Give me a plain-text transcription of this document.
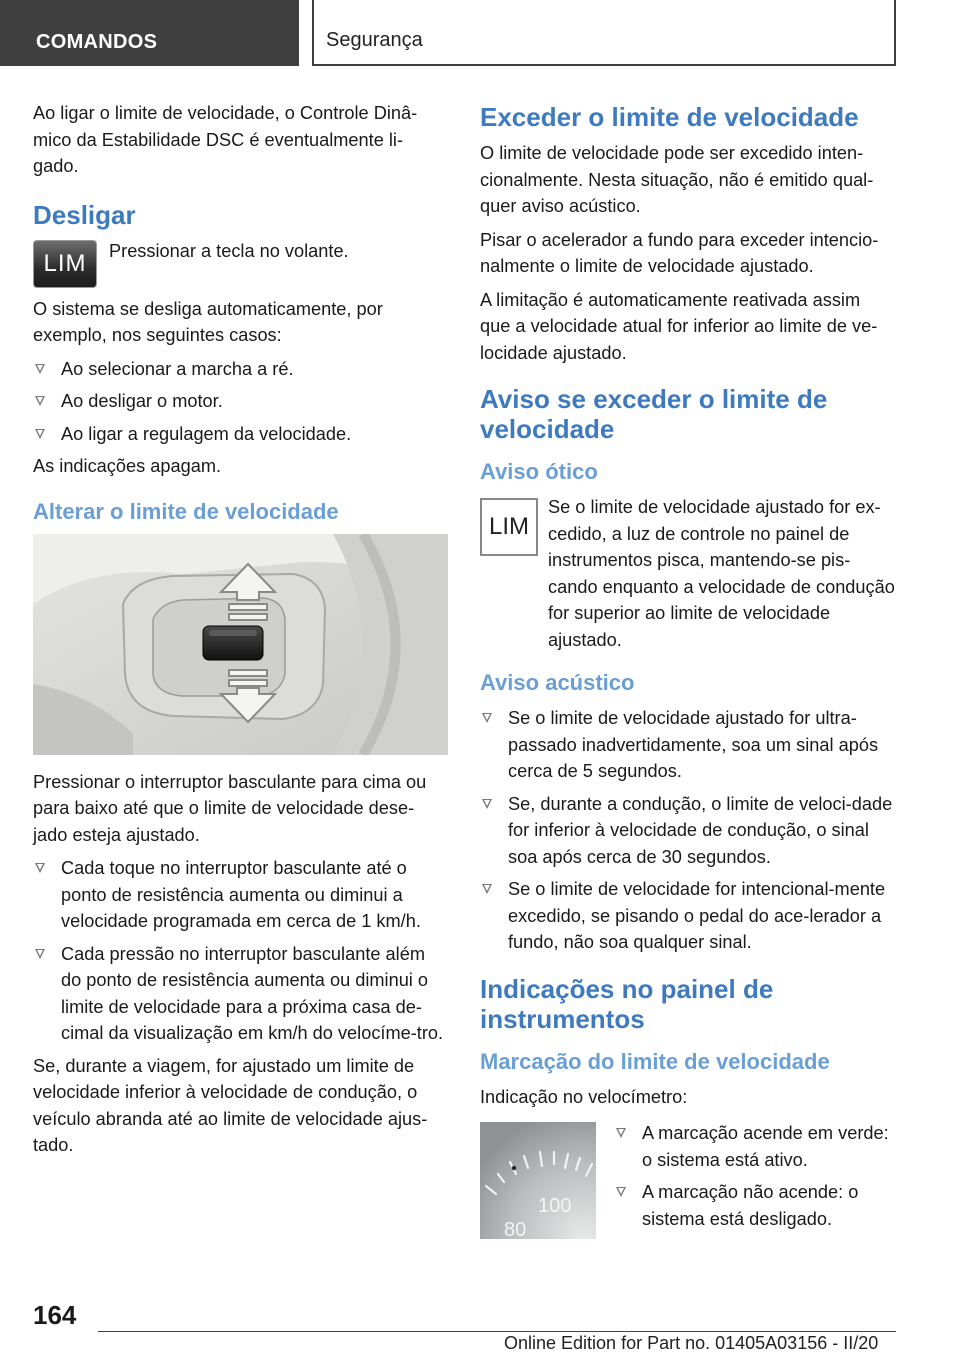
COMANDOS	Segurança

Ao ligar o limite de velocidade, o Controle Dinâ-mico da Estabilidade DSC é eventualmente li-gado.

Desligar
LIM	Pressionar a tecla no volante.

O sistema se desliga automaticamente, por exemplo, nos seguintes casos:

Ao selecionar a marcha a ré.
Ao desligar o motor.
Ao ligar a regulagem da velocidade.

As indicações apagam.

Alterar o limite de velocidade

Pressionar o interruptor basculante para cima ou para baixo até que o limite de velocidade dese-jado esteja ajustado.

Cada toque no interruptor basculante até o ponto de resistência aumenta ou diminui a velocidade programada em cerca de 1 km/h.
Cada pressão no interruptor basculante além do ponto de resistência aumenta ou diminui o limite de velocidade para a próxima casa de-cimal da visualização em km/h do velocíme-tro.

Se, durante a viagem, for ajustado um limite de velocidade inferior à velocidade de condução, o veículo abranda até ao limite de velocidade ajus-tado.

Exceder o limite de velocidade

O limite de velocidade pode ser excedido inten-cionalmente. Nesta situação, não é emitido qual-quer aviso acústico.

Pisar o acelerador a fundo para exceder intencio-nalmente o limite de velocidade ajustado.

A limitação é automaticamente reativada assim que a velocidade atual for inferior ao limite de ve-locidade ajustado.

Aviso se exceder o limite de velocidade
Aviso ótico
LIM

Se o limite de velocidade ajustado for ex-cedido, a luz de controle no painel de instrumentos pisca, mantendo-se pis-cando enquanto a velocidade de condução for superior ao limite de velocidade ajustado.

Aviso acústico
Se o limite de velocidade ajustado for ultra-passado inadvertidamente, soa um sinal após cerca de 5 segundos.
Se, durante a condução, o limite de veloci-dade for inferior à velocidade de condução, o sinal soa após cerca de 30 segundos.
Se o limite de velocidade for intencional-mente excedido, se pisando o pedal do ace-lerador a fundo, não soa qualquer sinal.
Indicações no painel de instrumentos
Marcação do limite de velocidade

Indicação no velocímetro:

100
80
A marcação acende em verde: o sistema está ativo.
A marcação não acende: o sistema está desligado.
164
Online Edition for Part no. 01405A03156 - II/20
